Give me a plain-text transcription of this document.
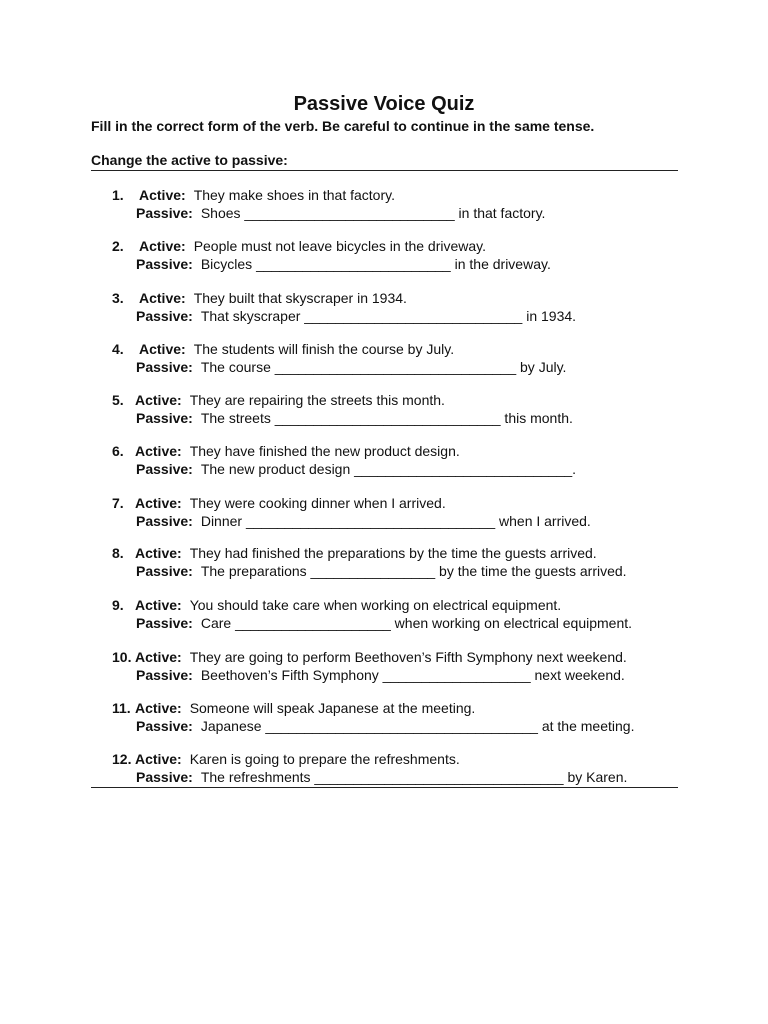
Passive Voice Quiz
Fill in the correct form of the verb. Be careful to continue in the same tense.
Change the active to passive:
1.	Active: They make shoes in that factory.
Passive: Shoes ___________________________ in that factory.
2.	Active: People must not leave bicycles in the driveway.
Passive: Bicycles _________________________ in the driveway.
3.	Active: They built that skyscraper in 1934.
Passive: That skyscraper ____________________________ in 1934.
4.	Active: The students will finish the course by July.
Passive: The course _______________________________ by July.
5. Active: They are repairing the streets this month.
Passive: The streets _____________________________ this month.
6. Active: They have finished the new product design.
Passive: The new product design ____________________________.
7. Active: They were cooking dinner when I arrived.
Passive: Dinner ________________________________ when I arrived.
8. Active: They had finished the preparations by the time the guests arrived.
Passive: The preparations ________________ by the time the guests arrived.
9. Active: You should take care when working on electrical equipment.
Passive: Care ____________________ when working on electrical equipment.
10. Active: They are going to perform Beethoven’s Fifth Symphony next weekend.
Passive: Beethoven’s Fifth Symphony ___________________ next weekend.
11. Active: Someone will speak Japanese at the meeting.
Passive: Japanese ___________________________________ at the meeting.
12. Active: Karen is going to prepare the refreshments.
Passive: The refreshments ________________________________ by Karen.
